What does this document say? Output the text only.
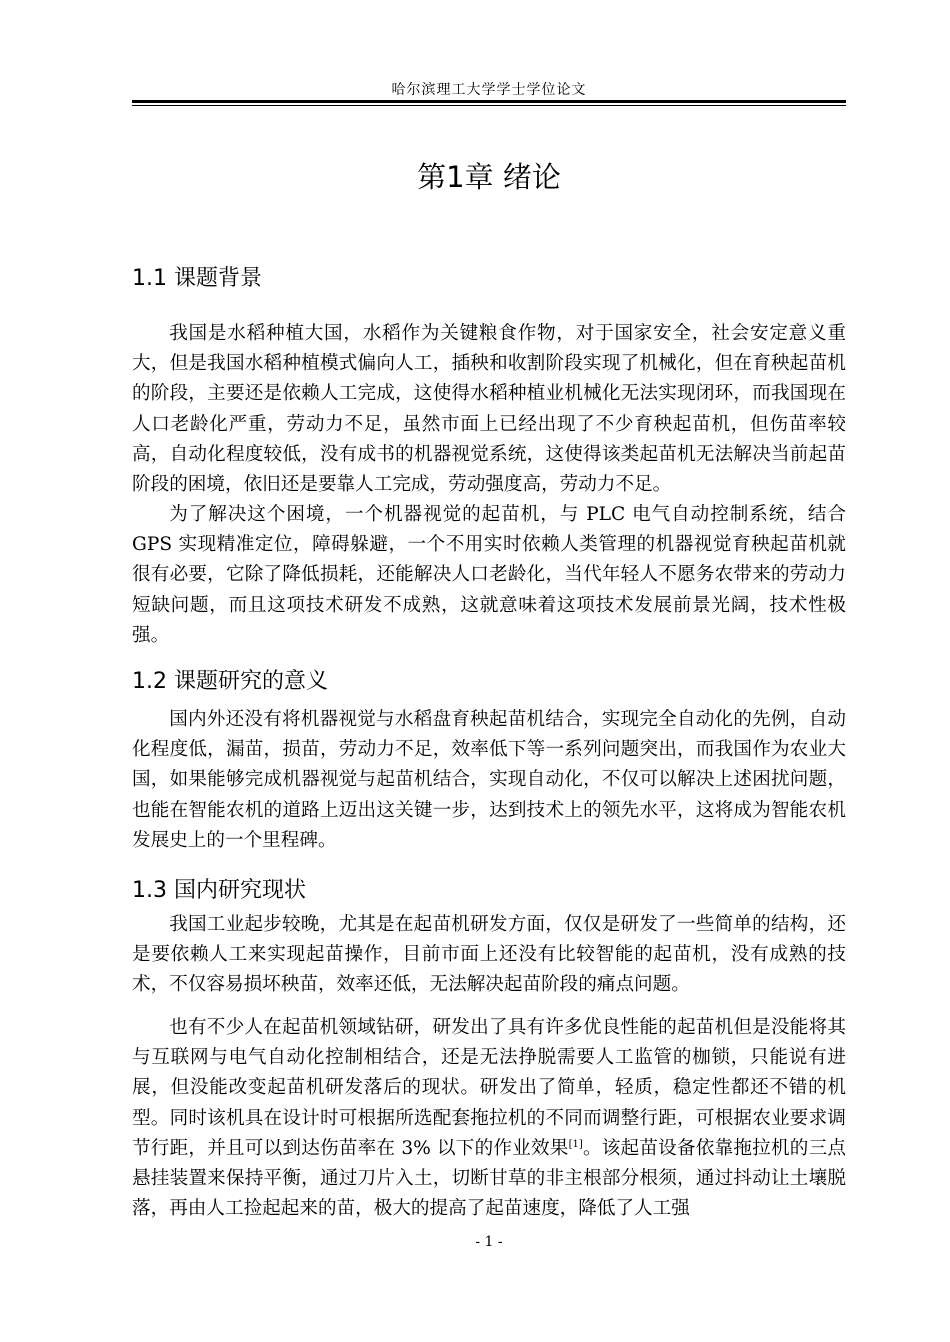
哈尔滨理工大学学士学位论文
第1章 绪论
1.1 课题背景

我国是水稻种植大国，水稻作为关键粮食作物，对于国家安全，社会安定意义重大，但是我国水稻种植模式偏向人工，插秧和收割阶段实现了机械化，但在育秧起苗机的阶段，主要还是依赖人工完成，这使得水稻种植业机械化无法实现闭环，而我国现在人口老龄化严重，劳动力不足，虽然市面上已经出现了不少育秧起苗机，但伤苗率较高，自动化程度较低，没有成书的机器视觉系统，这使得该类起苗机无法解决当前起苗阶段的困境，依旧还是要靠人工完成，劳动强度高，劳动力不足。

为了解决这个困境，一个机器视觉的起苗机，与 PLC 电气自动控制系统，结合 GPS 实现精准定位，障碍躲避，一个不用实时依赖人类管理的机器视觉育秧起苗机就很有必要，它除了降低损耗，还能解决人口老龄化，当代年轻人不愿务农带来的劳动力短缺问题，而且这项技术研发不成熟，这就意味着这项技术发展前景光阔，技术性极强。

1.2 课题研究的意义

国内外还没有将机器视觉与水稻盘育秧起苗机结合，实现完全自动化的先例，自动化程度低，漏苗，损苗，劳动力不足，效率低下等一系列问题突出，而我国作为农业大国，如果能够完成机器视觉与起苗机结合，实现自动化，不仅可以解决上述困扰问题，也能在智能农机的道路上迈出这关键一步，达到技术上的领先水平，这将成为智能农机发展史上的一个里程碑。

1.3 国内研究现状

我国工业起步较晚，尤其是在起苗机研发方面，仅仅是研发了一些简单的结构，还是要依赖人工来实现起苗操作，目前市面上还没有比较智能的起苗机，没有成熟的技术，不仅容易损坏秧苗，效率还低，无法解决起苗阶段的痛点问题。

也有不少人在起苗机领域钻研，研发出了具有许多优良性能的起苗机但是没能将其与互联网与电气自动化控制相结合，还是无法挣脱需要人工监管的枷锁，只能说有进展，但没能改变起苗机研发落后的现状。研发出了简单，轻质，稳定性都还不错的机型。同时该机具在设计时可根据所选配套拖拉机的不同而调整行距，可根据农业要求调节行距，并且可以到达伤苗率在 3% 以下的作业效果[1]。该起苗设备依靠拖拉机的三点悬挂装置来保持平衡，通过刀片入土，切断甘草的非主根部分根须，通过抖动让土壤脱落，再由人工捡起起来的苗，极大的提高了起苗速度，降低了人工强

- 1 -
